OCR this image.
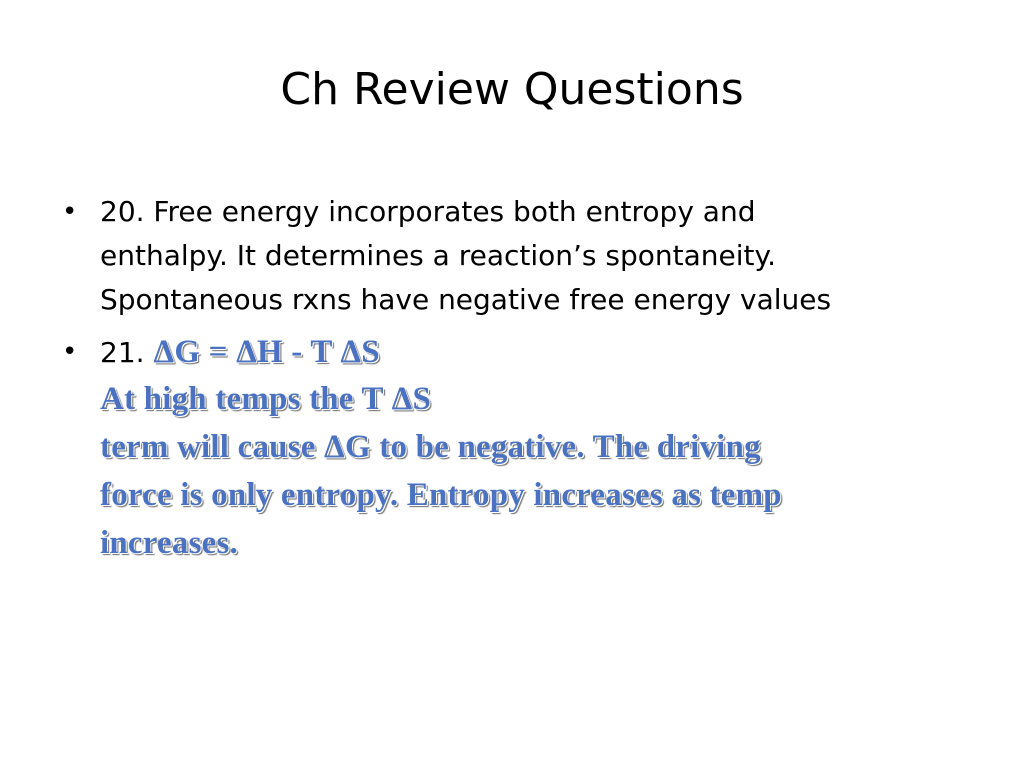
Ch Review Questions
• 20. Free energy incorporates both entropy and
enthalpy. It determines a reaction’s spontaneity.
Spontaneous rxns have negative free energy values
• 21. ΔG = ΔH - T ΔS
At high temps the T ΔS
term will cause ΔG to be negative. The driving
force is only entropy. Entropy increases as temp
increases.
